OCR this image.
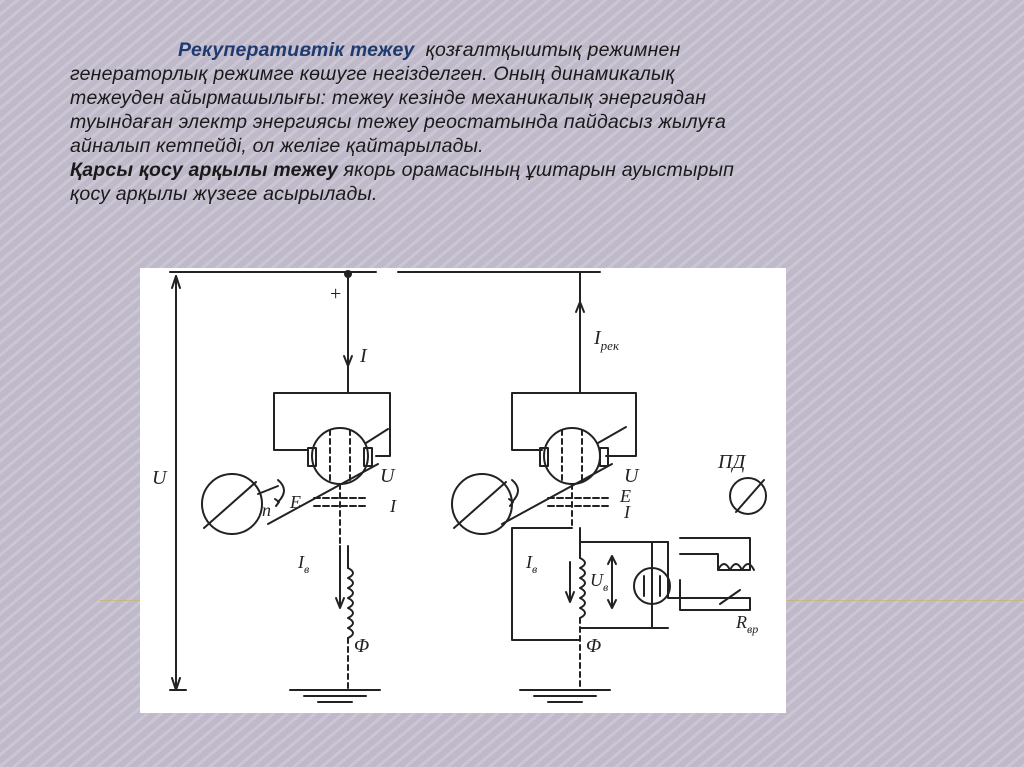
Рекуперативтік тежеу қозғалтқыштық режимнен
генераторлық режимге көшуге негізделген. Оның динамикалық
тежеуден айырмашылығы: тежеу кезінде механикалық энергиядан
туындаған электр энергиясы тежеу реостатында пайдасыз жылуға
айналып кетпейді, ол желіге қайтарылады.
Қарсы қосу арқылы тежеу якорь орамасының ұштарын ауыстырып
қосу арқылы жүзеге асырылады.
+
I
U	U
n E	I
$I_в$
Φ
$I_{рек}$
U
E
I
ПД
$I_в$
$U_в$
$R_{вр}$
Φ
